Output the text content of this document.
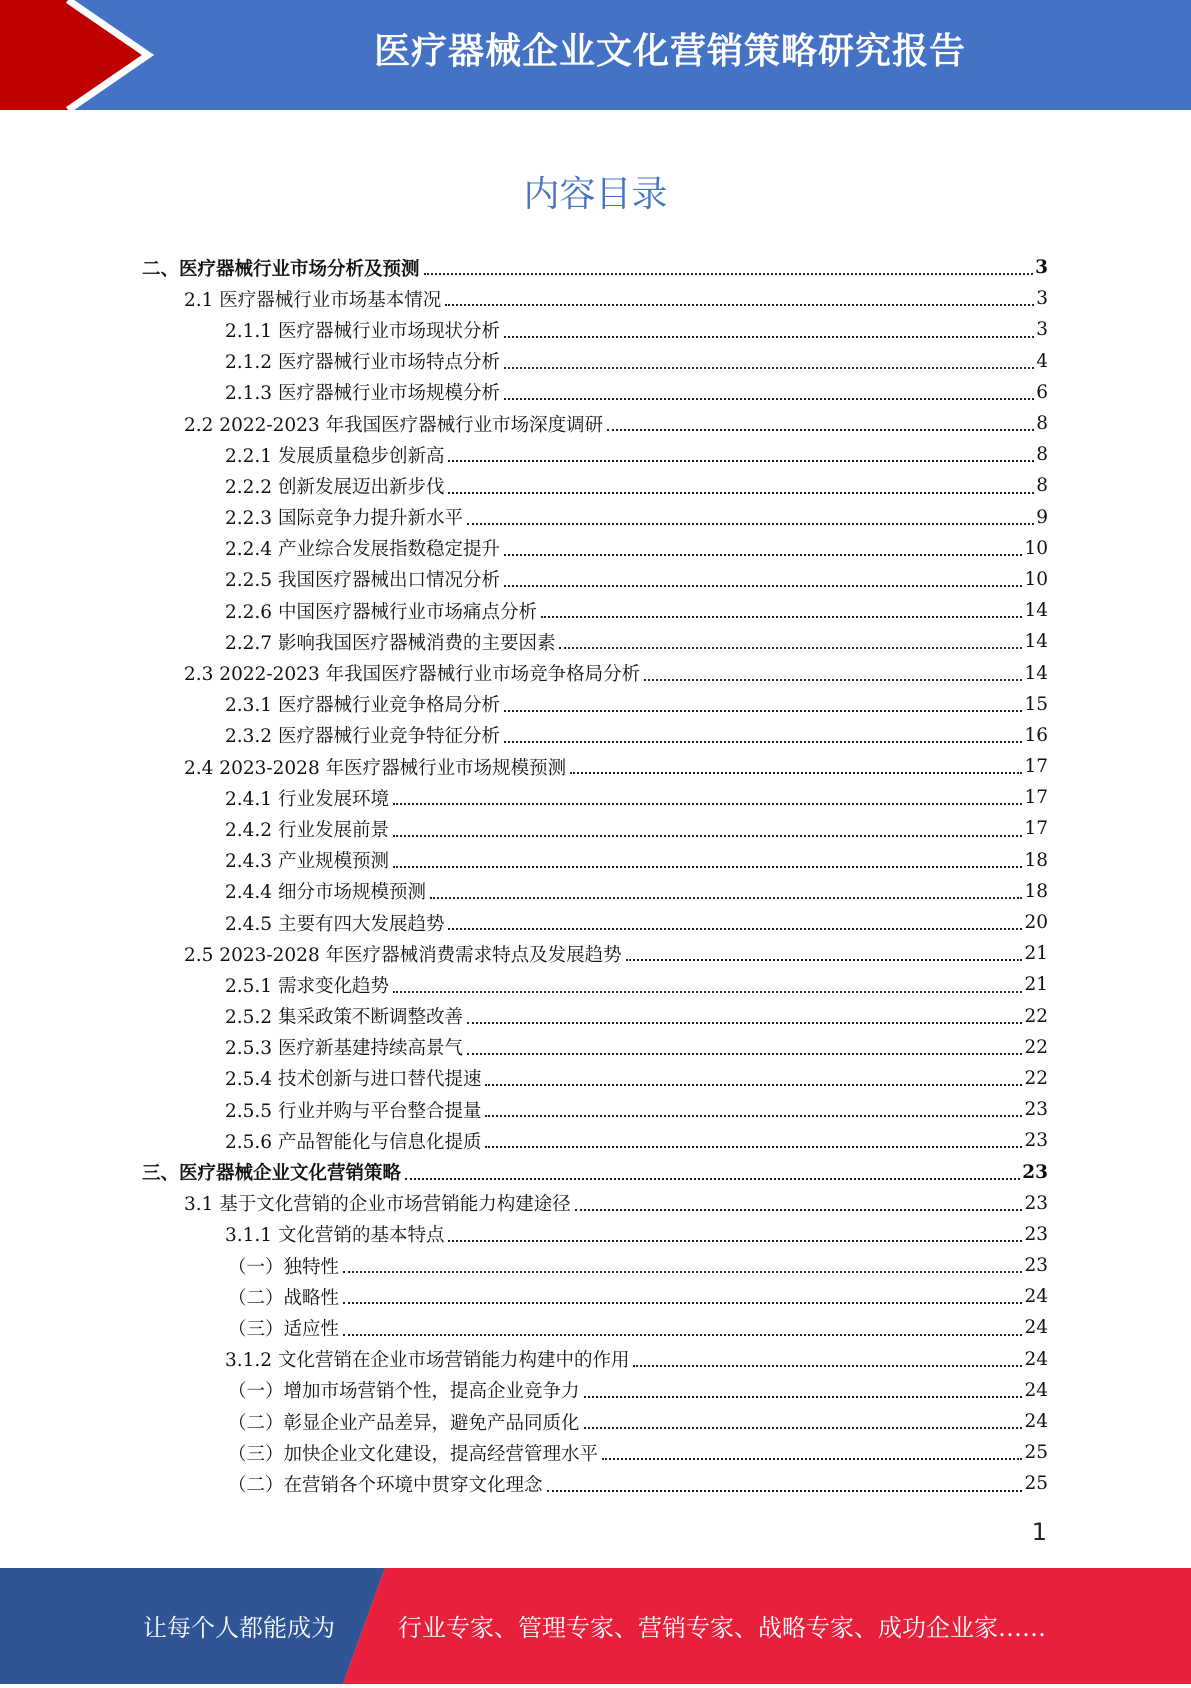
医疗器械企业文化营销策略研究报告
内容目录
二、医疗器械行业市场分析及预测	3
2.1 医疗器械行业市场基本情况	3
2.1.1 医疗器械行业市场现状分析	3
2.1.2 医疗器械行业市场特点分析	4
2.1.3 医疗器械行业市场规模分析	6
2.2 2022-2023 年我国医疗器械行业市场深度调研	8
2.2.1 发展质量稳步创新高	8
2.2.2 创新发展迈出新步伐	8
2.2.3 国际竞争力提升新水平	9
2.2.4 产业综合发展指数稳定提升	10
2.2.5 我国医疗器械出口情况分析	10
2.2.6 中国医疗器械行业市场痛点分析	14
2.2.7 影响我国医疗器械消费的主要因素	14
2.3 2022-2023 年我国医疗器械行业市场竞争格局分析	14
2.3.1 医疗器械行业竞争格局分析	15
2.3.2 医疗器械行业竞争特征分析	16
2.4 2023-2028 年医疗器械行业市场规模预测	17
2.4.1 行业发展环境	17
2.4.2 行业发展前景	17
2.4.3 产业规模预测	18
2.4.4 细分市场规模预测	18
2.4.5 主要有四大发展趋势	20
2.5 2023-2028 年医疗器械消费需求特点及发展趋势	21
2.5.1 需求变化趋势	21
2.5.2 集采政策不断调整改善	22
2.5.3 医疗新基建持续高景气	22
2.5.4 技术创新与进口替代提速	22
2.5.5 行业并购与平台整合提量	23
2.5.6 产品智能化与信息化提质	23
三、医疗器械企业文化营销策略	23
3.1 基于文化营销的企业市场营销能力构建途径	23
3.1.1 文化营销的基本特点	23
（一）独特性	23
（二）战略性	24
（三）适应性	24
3.1.2 文化营销在企业市场营销能力构建中的作用	24
（一）增加市场营销个性，提高企业竞争力	24
（二）彰显企业产品差异，避免产品同质化	24
（三）加快企业文化建设，提高经营管理水平	25
（二）在营销各个环境中贯穿文化理念	25
1
让每个人都能成为	行业专家、管理专家、营销专家、战略专家、成功企业家……
